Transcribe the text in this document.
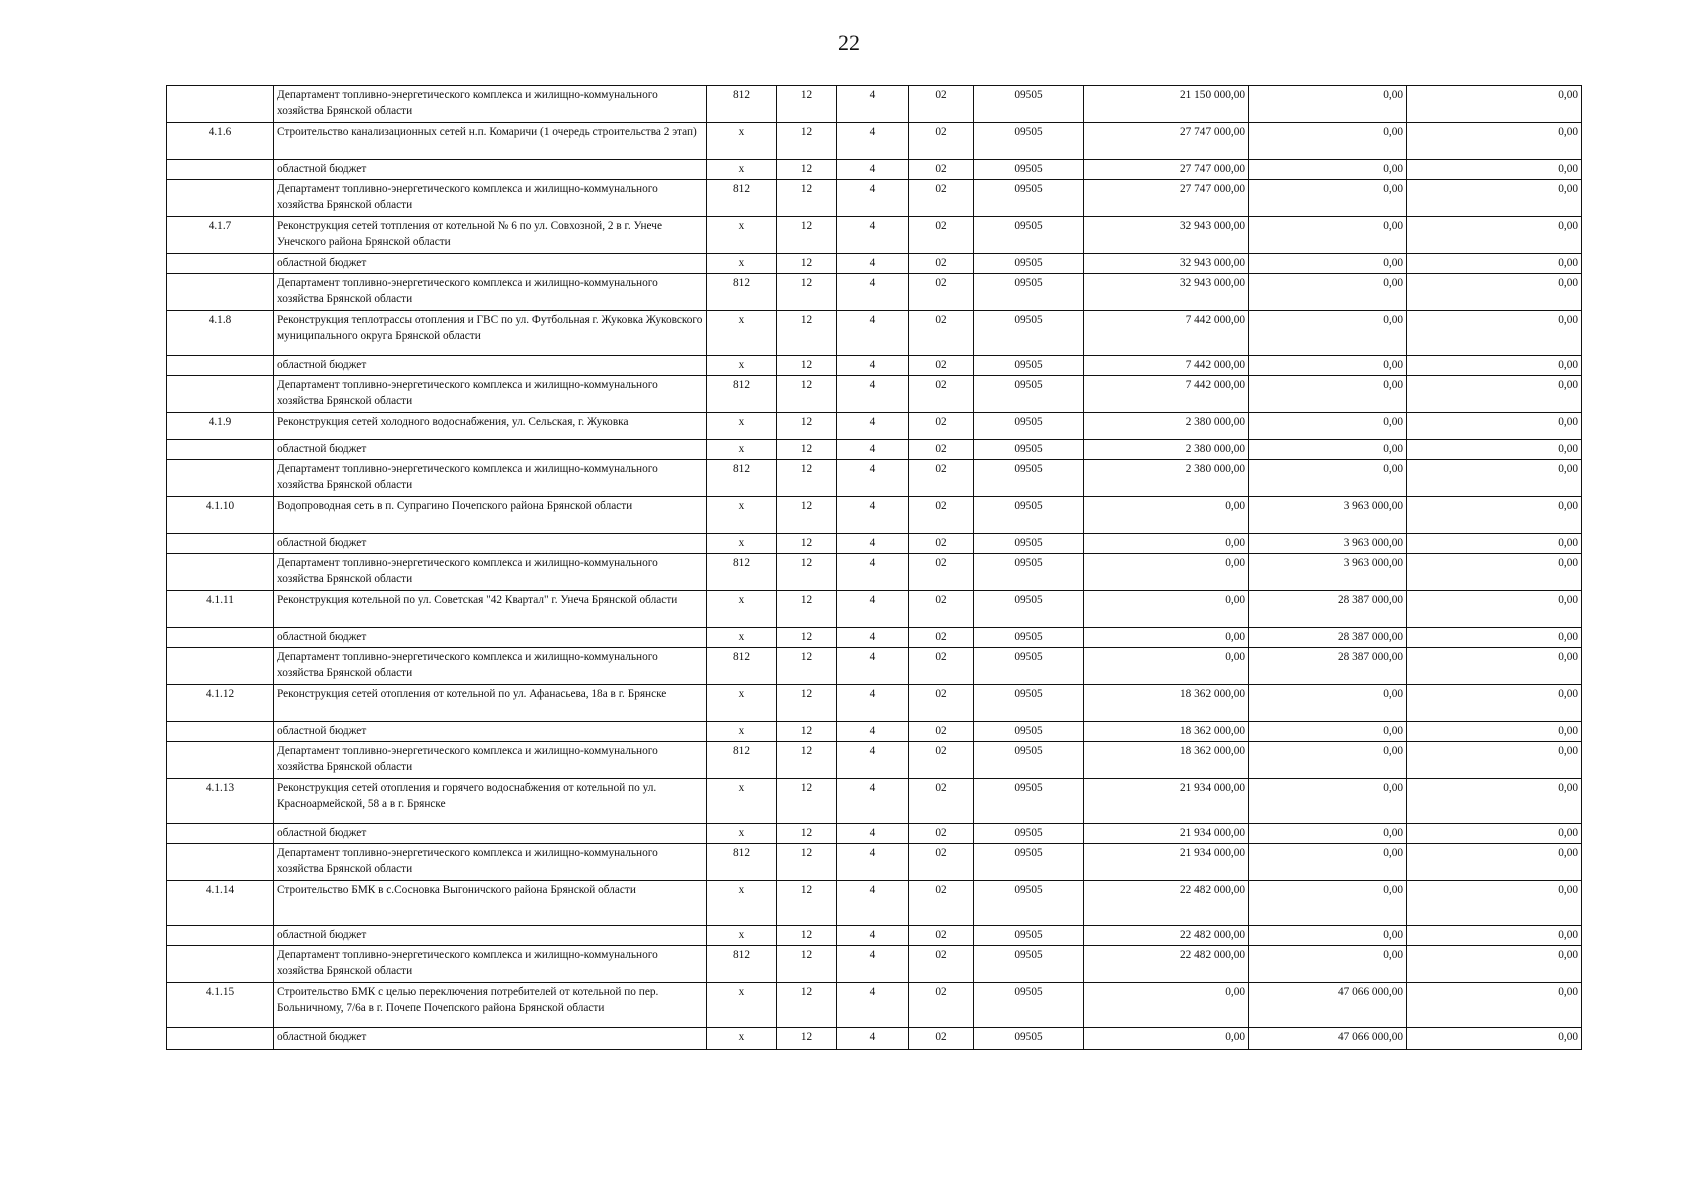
22
	Департамент топливно-энергетического комплекса и жилищно-коммунального хозяйства Брянской области	812	12	4	02	09505	21 150 000,00	0,00	0,00
4.1.6	Строительство канализационных сетей н.п. Комаричи (1 очередь строительства 2 этап)	x	12	4	02	09505	27 747 000,00	0,00	0,00
	областной бюджет	x	12	4	02	09505	27 747 000,00	0,00	0,00
	Департамент топливно-энергетического комплекса и жилищно-коммунального хозяйства Брянской области	812	12	4	02	09505	27 747 000,00	0,00	0,00
4.1.7	Реконструкция сетей тотпления от котельной № 6 по ул. Совхозной, 2 в г. Унече Унечского района Брянской области	x	12	4	02	09505	32 943 000,00	0,00	0,00
	областной бюджет	x	12	4	02	09505	32 943 000,00	0,00	0,00
	Департамент топливно-энергетического комплекса и жилищно-коммунального хозяйства Брянской области	812	12	4	02	09505	32 943 000,00	0,00	0,00
4.1.8	Реконструкция теплотрассы отопления и ГВС по ул. Футбольная г. Жуковка Жуковского муниципального округа Брянской области	x	12	4	02	09505	7 442 000,00	0,00	0,00
	областной бюджет	x	12	4	02	09505	7 442 000,00	0,00	0,00
	Департамент топливно-энергетического комплекса и жилищно-коммунального хозяйства Брянской области	812	12	4	02	09505	7 442 000,00	0,00	0,00
4.1.9	Реконструкция сетей холодного водоснабжения, ул. Сельская, г. Жуковка	x	12	4	02	09505	2 380 000,00	0,00	0,00
	областной бюджет	x	12	4	02	09505	2 380 000,00	0,00	0,00
	Департамент топливно-энергетического комплекса и жилищно-коммунального хозяйства Брянской области	812	12	4	02	09505	2 380 000,00	0,00	0,00
4.1.10	Водопроводная сеть в п. Супрагино Почепского района Брянской области	x	12	4	02	09505	0,00	3 963 000,00	0,00
	областной бюджет	x	12	4	02	09505	0,00	3 963 000,00	0,00
	Департамент топливно-энергетического комплекса и жилищно-коммунального хозяйства Брянской области	812	12	4	02	09505	0,00	3 963 000,00	0,00
4.1.11	Реконструкция котельной по ул. Советская "42 Квартал" г. Унеча Брянской области	x	12	4	02	09505	0,00	28 387 000,00	0,00
	областной бюджет	x	12	4	02	09505	0,00	28 387 000,00	0,00
	Департамент топливно-энергетического комплекса и жилищно-коммунального хозяйства Брянской области	812	12	4	02	09505	0,00	28 387 000,00	0,00
4.1.12	Реконструкция сетей отопления от котельной по ул. Афанасьева, 18а в г. Брянске	x	12	4	02	09505	18 362 000,00	0,00	0,00
	областной бюджет	x	12	4	02	09505	18 362 000,00	0,00	0,00
	Департамент топливно-энергетического комплекса и жилищно-коммунального хозяйства Брянской области	812	12	4	02	09505	18 362 000,00	0,00	0,00
4.1.13	Реконструкция сетей отопления и горячего водоснабжения от котельной по ул. Красноармейской, 58 а в г. Брянске	x	12	4	02	09505	21 934 000,00	0,00	0,00
	областной бюджет	x	12	4	02	09505	21 934 000,00	0,00	0,00
	Департамент топливно-энергетического комплекса и жилищно-коммунального хозяйства Брянской области	812	12	4	02	09505	21 934 000,00	0,00	0,00
4.1.14	Строительство БМК в с.Сосновка Выгоничского района Брянской области	x	12	4	02	09505	22 482 000,00	0,00	0,00
	областной бюджет	x	12	4	02	09505	22 482 000,00	0,00	0,00
	Департамент топливно-энергетического комплекса и жилищно-коммунального хозяйства Брянской области	812	12	4	02	09505	22 482 000,00	0,00	0,00
4.1.15	Строительство БМК с целью переключения потребителей от котельной по пер. Больничному, 7/6а в г. Почепе Почепского района Брянской области	x	12	4	02	09505	0,00	47 066 000,00	0,00
	областной бюджет	x	12	4	02	09505	0,00	47 066 000,00	0,00
